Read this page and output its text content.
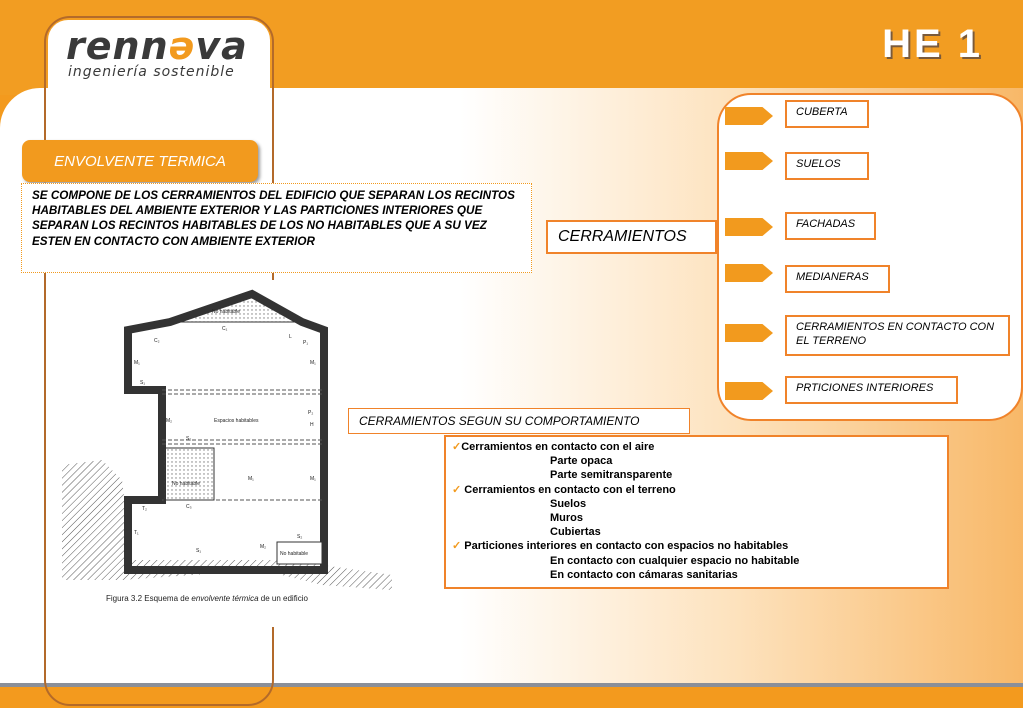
rennəva
ingeniería sostenible
HE 1
ENVOLVENTE TERMICA
SE COMPONE DE LOS CERRAMIENTOS DEL EDIFICIO QUE SEPARAN LOS RECINTOS HABITABLES DEL AMBIENTE EXTERIOR Y LAS PARTICIONES INTERIORES QUE SEPARAN LOS RECINTOS HABITABLES DE LOS NO HABITABLES QUE A SU VEZ ESTEN EN CONTACTO CON AMBIENTE EXTERIOR
No habitable
C₁
C₂
L
P₁
M₁	M₁
S₁
Espacios habitables
P₂
H
M₂
S₂
No habitable
M₁	M₁
T₂	C₃
T₁
S₁
M₂
S₂
No habitable
Figura 3.2 Esquema de envolvente térmica de un edificio
CERRAMIENTOS
CUBERTA
SUELOS
FACHADAS
MEDIANERAS
CERRAMIENTOS EN CONTACTO CON EL TERRENO
PRTICIONES INTERIORES
CERRAMIENTOS SEGUN SU COMPORTAMIENTO
✓Cerramientos en contacto con el aire
Parte opaca
Parte semitransparente
✓ Cerramientos en contacto con el terreno
Suelos
Muros
Cubiertas
✓ Particiones interiores en contacto con espacios no habitables
En contacto con cualquier espacio no habitable
En contacto con cámaras sanitarias
